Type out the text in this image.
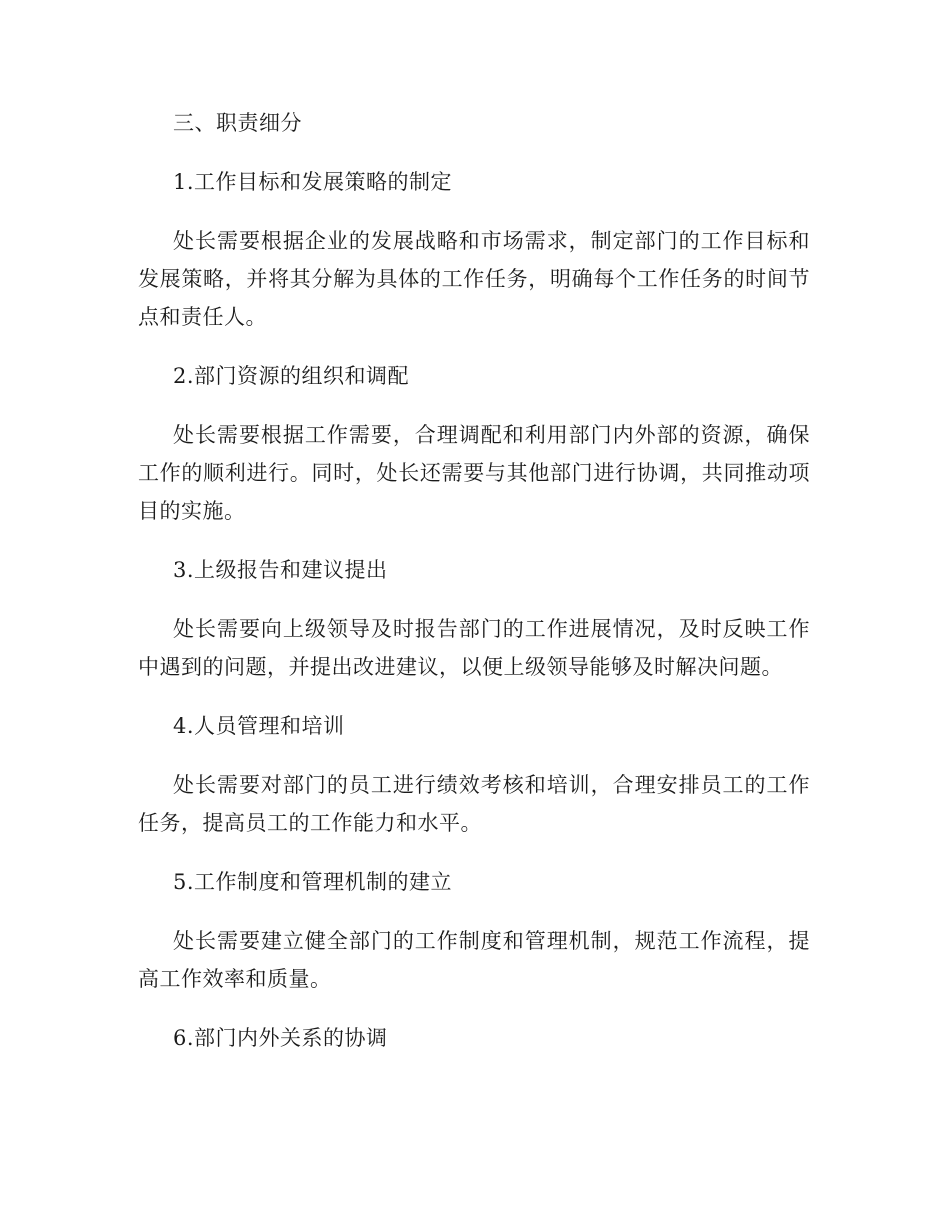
三、职责细分
1.工作目标和发展策略的制定
处长需要根据企业的发展战略和市场需求，制定部门的工作目标和发展策略，并将其分解为具体的工作任务，明确每个工作任务的时间节点和责任人。
2.部门资源的组织和调配
处长需要根据工作需要，合理调配和利用部门内外部的资源，确保工作的顺利进行。同时，处长还需要与其他部门进行协调，共同推动项目的实施。
3.上级报告和建议提出
处长需要向上级领导及时报告部门的工作进展情况，及时反映工作中遇到的问题，并提出改进建议，以便上级领导能够及时解决问题。
4.人员管理和培训
处长需要对部门的员工进行绩效考核和培训，合理安排员工的工作任务，提高员工的工作能力和水平。
5.工作制度和管理机制的建立
处长需要建立健全部门的工作制度和管理机制，规范工作流程，提高工作效率和质量。
6.部门内外关系的协调
